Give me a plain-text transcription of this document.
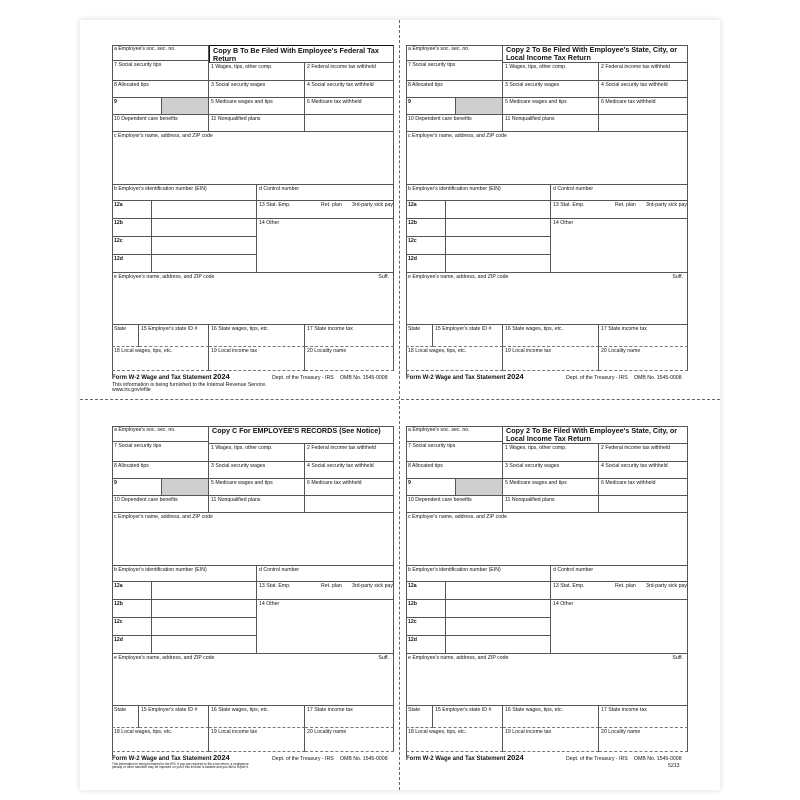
a Employee's soc. sec. no.	Copy B To Be Filed With Employee's Federal Tax Return
7 Social security tips	1 Wages, tips, other comp.	2 Federal income tax withheld
8 Allocated tips	3 Social security wages	4 Social security tax withheld
9	5 Medicare wages and tips	6 Medicare tax withheld
10 Dependent care benefits	11 Nonqualified plans
c Employer's name, address, and ZIP code
b Employer's identification number (EIN)	d Control number
12a
12b
12c
12d
13 Stat. Emp.	Ret. plan 3rd-party sick pay
14 Other
e Employee's name, address, and ZIP code	Suff.
State	15 Employer's state ID #	16 State wages, tips, etc.	17 State income tax
18 Local wages, tips, etc.	19 Local income tax	20 Locality name
Form W-2 Wage and Tax Statement 2024	Dept. of the Treasury - IRS OMB No. 1545-0008
This information is being furnished to the Internal Revenue Service.
www.irs.gov/efile
a Employee's soc. sec. no.	Copy 2 To Be Filed With Employee's State, City, or Local Income Tax Return
7 Social security tips	1 Wages, tips, other comp.	2 Federal income tax withheld
8 Allocated tips	3 Social security wages	4 Social security tax withheld
9	5 Medicare wages and tips	6 Medicare tax withheld
10 Dependent care benefits	11 Nonqualified plans
c Employer's name, address, and ZIP code
b Employer's identification number (EIN)	d Control number
12a
12b
12c
12d
13 Stat. Emp.	Ret. plan 3rd-party sick pay
14 Other
e Employee's name, address, and ZIP code	Suff.
State	15 Employer's state ID #	16 State wages, tips, etc.	17 State income tax
18 Local wages, tips, etc.	19 Local income tax	20 Locality name
Form W-2 Wage and Tax Statement 2024	Dept. of the Treasury - IRS OMB No. 1545-0008
a Employee's soc. sec. no.	Copy C For EMPLOYEE'S RECORDS (See Notice)
7 Social security tips	1 Wages, tips, other comp.	2 Federal income tax withheld
8 Allocated tips	3 Social security wages	4 Social security tax withheld
9	5 Medicare wages and tips	6 Medicare tax withheld
10 Dependent care benefits	11 Nonqualified plans
c Employer's name, address, and ZIP code
b Employer's identification number (EIN)	d Control number
12a
12b
12c
12d
13 Stat. Emp.	Ret. plan 3rd-party sick pay
14 Other
e Employee's name, address, and ZIP code	Suff.
State	15 Employer's state ID #	16 State wages, tips, etc.	17 State income tax
18 Local wages, tips, etc.	19 Local income tax	20 Locality name
Form W-2 Wage and Tax Statement 2024	Dept. of the Treasury - IRS OMB No. 1545-0008
This information is being furnished to the IRS. If you are required to file a tax return, a negligence
penalty or other sanction may be imposed on you if this income is taxable and you fail to report it.
a Employee's soc. sec. no.	Copy 2 To Be Filed With Employee's State, City, or Local Income Tax Return
7 Social security tips	1 Wages, tips, other comp.	2 Federal income tax withheld
8 Allocated tips	3 Social security wages	4 Social security tax withheld
9	5 Medicare wages and tips	6 Medicare tax withheld
10 Dependent care benefits	11 Nonqualified plans
c Employer's name, address, and ZIP code
b Employer's identification number (EIN)	d Control number
12a
12b
12c
12d
13 Stat. Emp.	Ret. plan 3rd-party sick pay
14 Other
e Employee's name, address, and ZIP code	Suff.
State	15 Employer's state ID #	16 State wages, tips, etc.	17 State income tax
18 Local wages, tips, etc.	19 Local income tax	20 Locality name
Form W-2 Wage and Tax Statement 2024	Dept. of the Treasury - IRS OMB No. 1545-0008
5213
